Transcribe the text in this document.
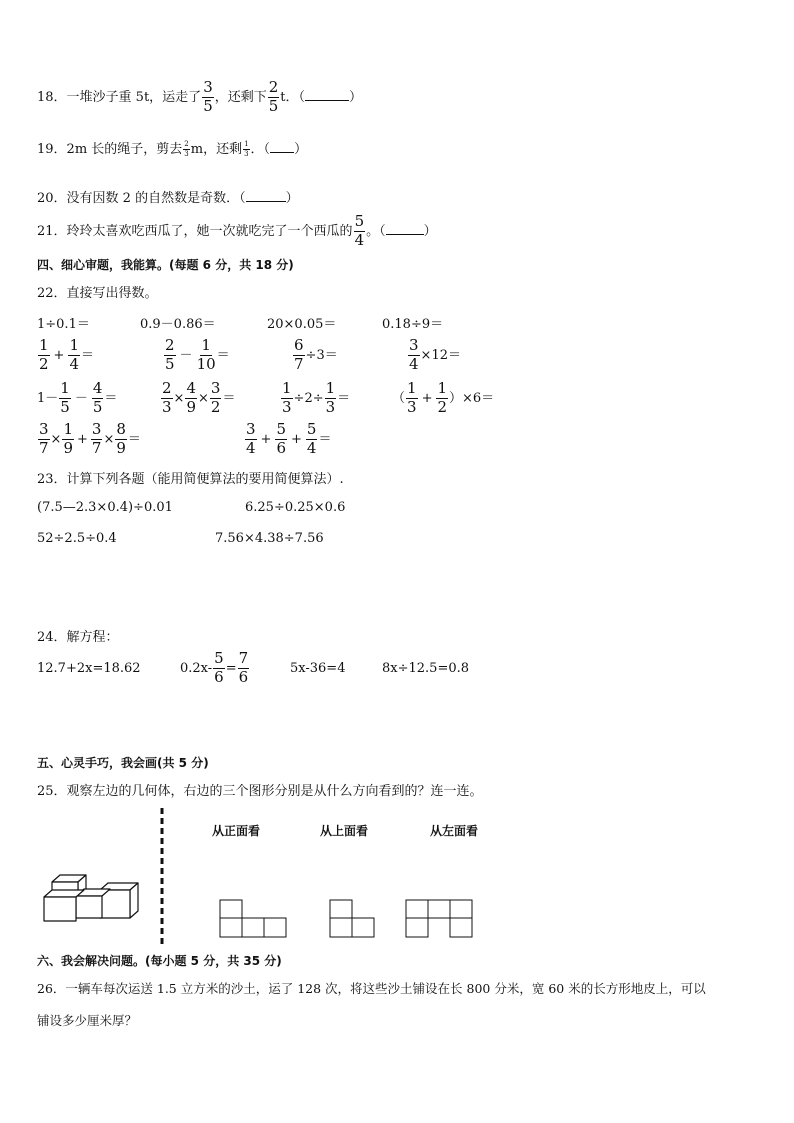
18．一堆沙子重 5t，运走了 $\frac{3}{5}$ ，还剩下 $\frac{2}{5}$ t．（	）
19．2m 长的绳子，剪去 $\frac{2}{3}$ m，还剩 $\frac{1}{3}$ ．（ ）
20．没有因数 2 的自然数是奇数．（	）
21．玲玲太喜欢吃西瓜了，她一次就吃完了一个西瓜的 $\frac{5}{4}$ 。（	）
四、细心审题，我能算。(每题 6 分，共 18 分)
22．直接写出得数。
1÷0.1＝	0.9－0.86＝	20×0.05＝	0.18÷9＝
$\frac{1}{2} + \frac{1}{4}$ ＝	$\frac{2}{5} - \frac{1}{10}$ ＝	$\frac{6}{7} \div 3=$	$\frac{3}{4} \times 12=$
$1- \frac{1}{5} - \frac{4}{5}$ ＝	$\frac{2}{3} \times \frac{4}{9} \times \frac{3}{2}$ ＝	$\frac{1}{3} \div 2\div \frac{1}{3}$ ＝	（ $\frac{1}{3} + \frac{1}{2} )\times 6=$
$\frac{3}{7} \times \frac{1}{9} + \frac{3}{7} \times \frac{8}{9}$ ＝	$\frac{3}{4} + \frac{5}{6} + \frac{5}{4}$ ＝
23．计算下列各题（能用简便算法的要用简便算法）.
(7.5—2.3×0.4)÷0.01	6.25÷0.25×0.6
52÷2.5÷0.4	7.56×4.38÷7.56
24．解方程：
12.7+2x=18.62	$0.2x- \frac{5}{6} = \frac{7}{6}$	5x-36=4	8x÷12.5=0.8
五、心灵手巧，我会画(共 5 分)
25．观察左边的几何体，右边的三个图形分别是从什么方向看到的？连一连。
从正面看	从上面看	从左面看
六、我会解决问题。(每小题 5 分，共 35 分)
26．一辆车每次运送 1.5 立方米的沙土，运了 128 次，将这些沙土铺设在长 800 分米，宽 60 米的长方形地皮上，可以
铺设多少厘米厚？
